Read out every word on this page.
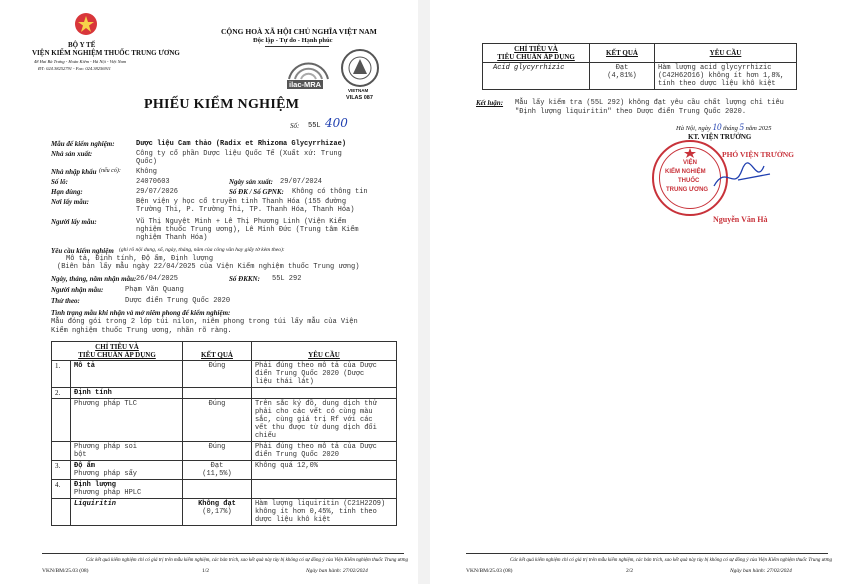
BỘ Y TẾ
VIỆN KIỂM NGHIỆM THUỐC TRUNG ƯƠNG
48 Hai Bà Trưng - Hoàn Kiếm - Hà Nội - Việt Nam
ĐT: 024.38252791 - Fax: 024.38256911
CỘNG HOÀ XÃ HỘI CHỦ NGHĨA VIỆT NAM
Độc lập - Tự do - Hạnh phúc
ilac-MRA
VIETNAM
VILAS 087
PHIẾU KIỂM NGHIỆM
Số: 55L 400
Mẫu để kiểm nghiệm:	Dược liệu Cam thảo (Radix et Rhizoma Glycyrrhizae)
Nhà sản xuất:	Công ty cổ phần Dược liệu Quốc Tế (Xuất xứ: Trung
Quốc)
Nhà nhập khẩu (nếu có): Không
Số lô:	24070603	Ngày sản xuất: 29/07/2024
Hạn dùng:	29/07/2026	Số ĐK / Số GPNK: Không có thông tin
Nơi lấy mẫu:	Bện viện y học cổ truyền tỉnh Thanh Hóa (155 đường
Trường Thi, P. Trường Thi, TP. Thanh Hóa, Thanh Hóa)
Người lấy mẫu:	Vũ Thị Nguyệt Minh + Lê Thị Phương Linh (Viện Kiểm
nghiệm thuốc Trung ương), Lê Minh Đức (Trung tâm Kiểm
nghiệm Thanh Hóa)
Yêu cầu kiểm nghiệm (ghi rõ nội dung, số, ngày, tháng, năm của công văn hay giấy tờ kèm theo):
Mô tả, Định tính, Độ ẩm, Định lượng
(Biên bản lấy mẫu ngày 22/04/2025 của Viện Kiểm nghiệm thuốc Trung ương)
Ngày, tháng, năm nhận mẫu: 26/04/2025	Số ĐKKN: 55L 292
Người nhận mẫu:	Phạm Văn Quang
Thử theo:	Dược điển Trung Quốc 2020
Tình trạng mẫu khi nhận và mở niêm phong để kiểm nghiệm:
Mẫu đóng gói trong 2 lớp túi nilon, niêm phong trong túi lấy mẫu của Viện
Kiểm nghiệm thuốc Trung ương, nhãn rõ ràng.
CHỈ TIÊU VÀ
TIÊU CHUẨN ÁP DỤNG		KẾT QUẢ	YÊU CẦU
1.	Mô tả	Đúng	Phải đúng theo mô tả của Dược
điển Trung Quốc 2020 (Dược
liệu thái lát)
2.	Định tính		
	Phương pháp TLC	Đúng	Trên sắc ký đồ, dung dịch thử
phải cho các vết có cùng màu
sắc, cùng giá trị Rf với các
vết thu được từ dung dịch đối
chiếu
	Phương pháp soi
bột	Đúng	Phải đúng theo mô tả của Dược
điển Trung Quốc 2020
3.	Độ ẩm
Phương pháp sấy	Đạt
(11,5%)	Không quá 12,0%
4.	Định lượng
Phương pháp HPLC		
	Liquiritin	Không đạt
(0,17%)	Hàm lượng liquiritin (C21H22O9)
không ít hơn 0,45%, tính theo
dược liệu khô kiệt
Các kết quả kiểm nghiệm chỉ có giá trị trên mẫu kiểm nghiệm, các bản trích, sao kết quả này tùy bị không có sự đồng ý của Viện Kiểm nghiệm thuốc Trung ương
VKN/BM/25.03 (08)	1/2	Ngày ban hành: 27/02/2024
CHỈ TIÊU VÀ
TIÊU CHUẨN ÁP DỤNG	KẾT QUẢ	YÊU CẦU
Acid glycyrrhizic	Đạt
(4,81%)	Hàm lượng acid glycyrrhizic
(C42H62O16) không ít hơn 1,8%,
tính theo dược liệu khô kiệt
Kết luận: Mẫu lấy kiểm tra (55L 292) không đạt yêu cầu chất lượng chỉ tiêu
"Định lượng liquiritin" theo Dược điển Trung Quốc 2020.
Hà Nội, ngày 10 tháng 5 năm 2025
KT. VIỆN TRƯỞNG
VIỆN
KIỂM NGHIỆM
THUỐC
TRUNG ƯƠNG
PHÓ VIỆN TRƯỞNG
Nguyễn Văn Hà
Các kết quả kiểm nghiệm chỉ có giá trị trên mẫu kiểm nghiệm, các bản trích, sao kết quả này tùy bị không có sự đồng ý của Viện Kiểm nghiệm thuốc Trung ương
VKN/BM/25.03 (08)	2/2	Ngày ban hành: 27/02/2024
